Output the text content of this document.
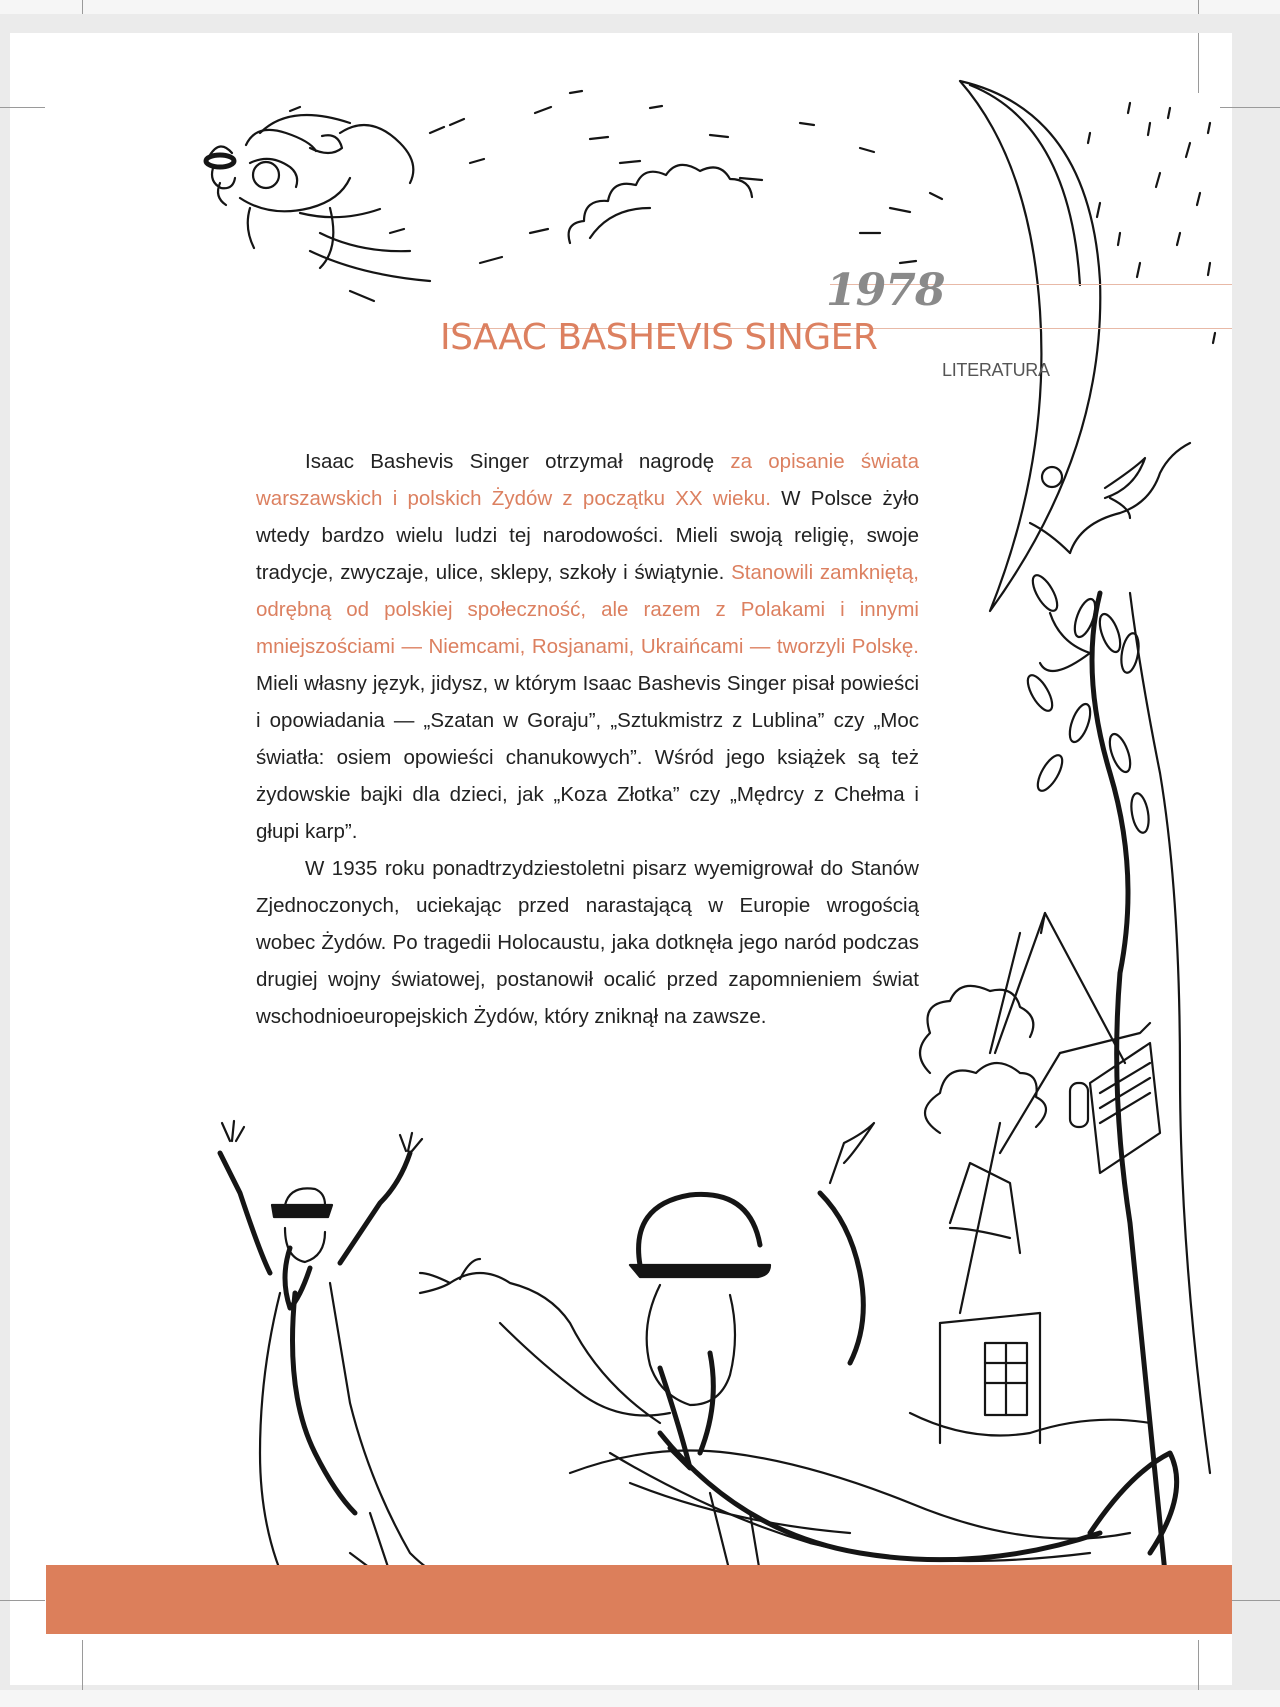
1978
ISAAC BASHEVIS SINGER
LITERATURA

Isaac Bashevis Singer otrzymał nagrodę za opisanie świata warszawskich i polskich Żydów z początku XX wieku. W Polsce żyło wtedy bardzo wielu ludzi tej narodowości. Mieli swoją religię, swoje tradycje, zwyczaje, ulice, sklepy, szkoły i świątynie. Stanowili zamkniętą, odrębną od polskiej społeczność, ale razem z Polakami i innymi mniejszościami — Niemcami, Rosjanami, Ukraińcami — tworzyli Polskę. Mieli własny język, jidysz, w którym Isaac Bashevis Singer pisał powieści i opowiadania — „Szatan w Goraju”, „Sztukmistrz z Lublina” czy „Moc światła: osiem opowieści chanukowych”. Wśród jego książek są też żydowskie bajki dla dzieci, jak „Koza Złotka” czy „Mędrcy z Chełma i głupi karp”.

W 1935 roku ponadtrzydziestoletni pisarz wyemigrował do Stanów Zjednoczonych, uciekając przed narastającą w Europie wrogością wobec Żydów. Po tragedii Holocaustu, jaka dotknęła jego naród podczas drugiej wojny światowej, postanowił ocalić przed zapomnieniem świat wschodnioeuropejskich Żydów, który zniknął na zawsze.
